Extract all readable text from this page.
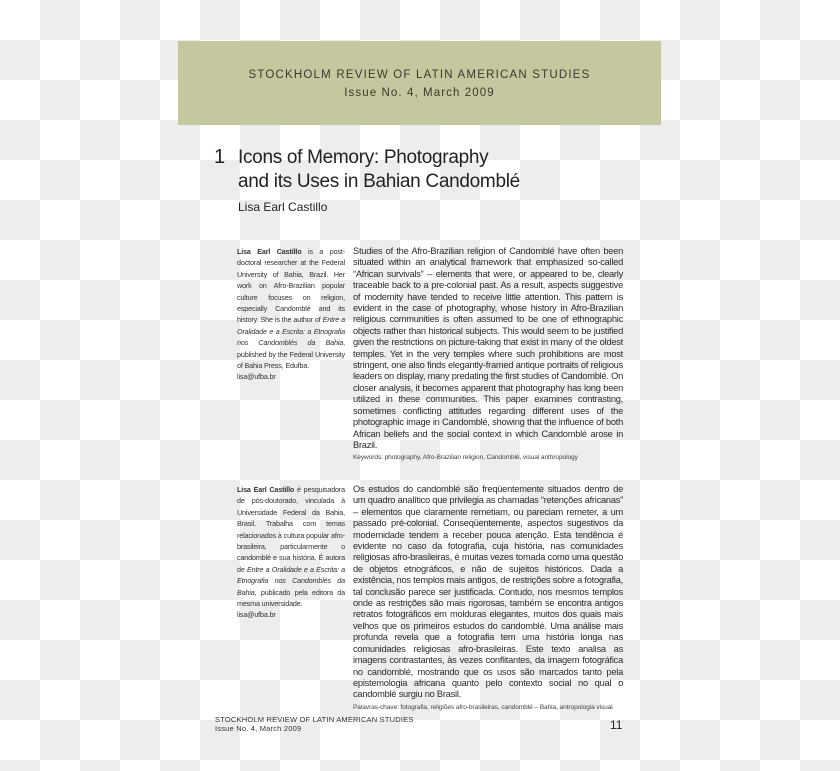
STOCKHOLM REVIEW OF LATIN AMERICAN STUDIES
Issue No. 4, March 2009
1 Icons of Memory: Photography
and its Uses in Bahian Candomblé
Lisa Earl Castillo
Lisa Earl Castillo is a post-doctoral researcher at the Federal University of Bahia, Brazil. Her work on Afro-Brazilian popular culture focuses on religion, especially Candomblé and its history. She is the author of Entre a Oralidade e a Escrita: a Etnografia nos Candomblés da Bahia, published by the Federal University of Bahia Press, Edufba.
lisa@ufba.br
Studies of the Afro-Brazilian religion of Candomblé have often been situated within an analytical framework that emphasized so-called “African survivals” – elements that were, or appeared to be, clearly traceable back to a pre-colonial past. As a result, aspects suggestive of modernity have tended to receive little attention. This pattern is evident in the case of photography, whose history in Afro-Brazilian religious communities is often assumed to be one of ethnographic objects rather than historical subjects. This would seem to be justified given the restrictions on picture-taking that exist in many of the oldest temples. Yet in the very temples where such prohibitions are most stringent, one also finds elegantly-framed antique portraits of religious leaders on display, many predating the first studies of Candomblé. On closer analysis, it becomes apparent that photography has long been utilized in these communities. This paper examines contrasting, sometimes conflicting attitudes regarding different uses of the photographic image in Candomblé, showing that the influence of both African beliefs and the social context in which Candomblé arose in Brazil.
Keywords: photography, Afro-Brazilian religion, Candomblé, visual anthropology
Lisa Earl Castillo é pesquisadora de pós-doutorado, vinculada à Universidade Federal da Bahia, Brasil. Trabalha com temas relacionados à cultura popular afro-brasileira, particularmente o candomblé e sua história. É autora de Entre a Oralidade e a Escrita: a Etnografia nos Candomblés da Bahia, publicado pela editora da mesma universidade.
lisa@ufba.br
Os estudos do candomblé são freqüentemente situados dentro de um quadro analítico que privilegia as chamadas “retenções africanas” – elementos que claramente remetiam, ou pareciam remeter, a um passado pré-colonial. Conseqüentemente, aspectos sugestivos da modernidade tendem a receber pouca atenção. Esta tendência é evidente no caso da fotografia, cuja história, nas comunidades religiosas afro-brasileiras, é muitas vezes tomada como uma questão de objetos etnográficos, e não de sujeitos históricos. Dada a existência, nos templos mais antigos, de restrições sobre a fotografia, tal conclusão parece ser justificada. Contudo, nos mesmos templos onde as restrições são mais rigorosas, também se encontra antigos retratos fotográficos em molduras elegantes, muitos dos quais mais velhos que os primeiros estudos do candomblé. Uma análise mais profunda revela que a fotografia tem uma história longa nas comunidades religiosas afro-brasileiras. Este texto analisa as imagens contrastantes, às vezes conflitantes, da imagem fotográfica no candomblé, mostrando que os usos são marcados tanto pela epistemologia africana quanto pelo contexto social no qual o candomblé surgiu no Brasil.
Palavras-chave: fotografia, religiões afro-brasileiras, candomblé – Bahia, antropologia visual
STOCKHOLM REVIEW OF LATIN AMERICAN STUDIES
Issue No. 4, March 2009	11
